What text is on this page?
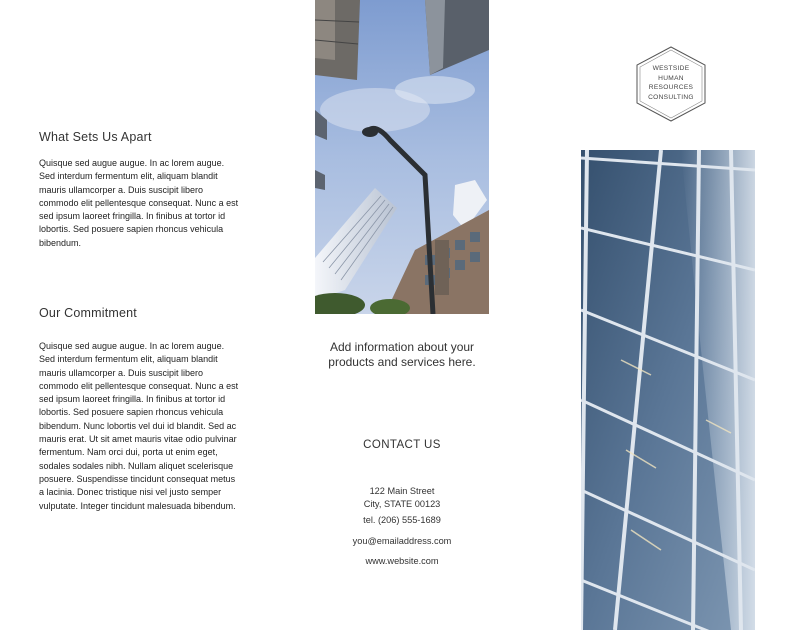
What Sets Us Apart
Quisque sed augue augue. In ac lorem augue. Sed interdum fermentum elit, aliquam blandit mauris ullamcorper a. Duis suscipit libero commodo elit pellentesque consequat. Nunc a est sed ipsum laoreet fringilla. In finibus at tortor id lobortis. Sed posuere sapien rhoncus vehicula bibendum.
Our Commitment
Quisque sed augue augue. In ac lorem augue. Sed interdum fermentum elit, aliquam blandit mauris ullamcorper a. Duis suscipit libero commodo elit pellentesque consequat. Nunc a est sed ipsum laoreet fringilla. In finibus at tortor id lobortis. Sed posuere sapien rhoncus vehicula bibendum. Nunc lobortis vel dui id blandit. Sed ac mauris erat. Ut sit amet mauris vitae odio pulvinar fermentum. Nam orci dui, porta ut enim eget, sodales sodales nibh. Nullam aliquet scelerisque posuere. Suspendisse tincidunt consequat metus a lacinia. Donec tristique nisi vel justo semper vulputate. Integer tincidunt malesuada bibendum.
Add information about your products and services here.
CONTACT US
122 Main Street
City, STATE 00123
tel. (206) 555-1689
you@emailaddress.com
www.website.com
WESTSIDE
HUMAN
RESOURCES
CONSULTING
